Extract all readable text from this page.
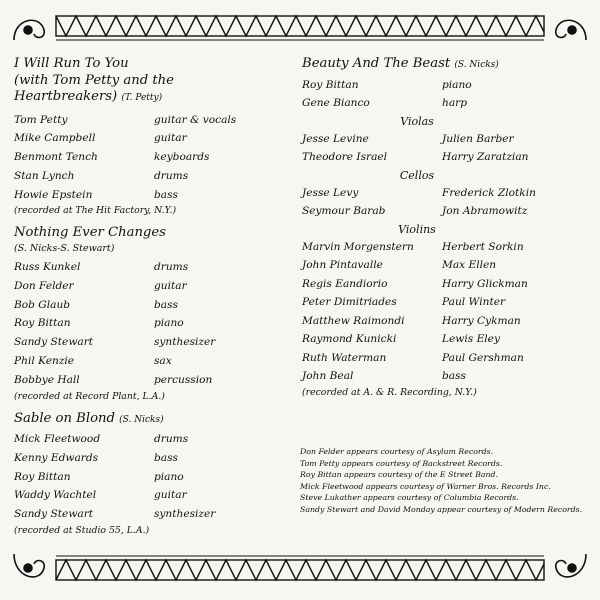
I Will Run To You

(with Tom Petty and the

Heartbreakers) (T. Petty)

Tom Petty	guitar & vocals
Mike Campbell	guitar
Benmont Tench	keyboards
Stan Lynch	drums
Howie Epstein	bass
(recorded at The Hit Factory, N.Y.)

Nothing Ever Changes

(S. Nicks-S. Stewart)
Russ Kunkel	drums
Don Felder	guitar
Bob Glaub	bass
Roy Bittan	piano
Sandy Stewart	synthesizer
Phil Kenzie	sax
Bobbye Hall	percussion
(recorded at Record Plant, L.A.)

Sable on Blond (S. Nicks)

Mick Fleetwood	drums
Kenny Edwards	bass
Roy Bittan	piano
Waddy Wachtel	guitar
Sandy Stewart	synthesizer
(recorded at Studio 55, L.A.)

Beauty And The Beast (S. Nicks)

Roy Bittan	piano
Gene Bianco	harp
Violas
Jesse Levine	Julien Barber
Theodore Israel	Harry Zaratzian
Cellos
Jesse Levy	Frederick Zlotkin
Seymour Barab	Jon Abramowitz
Violins
Marvin Morgenstern	Herbert Sorkin
John Pintavalle	Max Ellen
Regis Eandiorio	Harry Glickman
Peter Dimitriades	Paul Winter
Matthew Raimondi	Harry Cykman
Raymond Kunicki	Lewis Eley
Ruth Waterman	Paul Gershman
John Beal	bass
(recorded at A. & R. Recording, N.Y.)
Don Felder appears courtesy of Asylum Records.
Tom Petty appears courtesy of Backstreet Records.
Roy Bittan appears courtesy of the E Street Band.
Mick Fleetwood appears courtesy of Warner Bros. Records Inc.
Steve Lukather appears courtesy of Columbia Records.
Sandy Stewart and David Monday appear courtesy of Modern Records.
